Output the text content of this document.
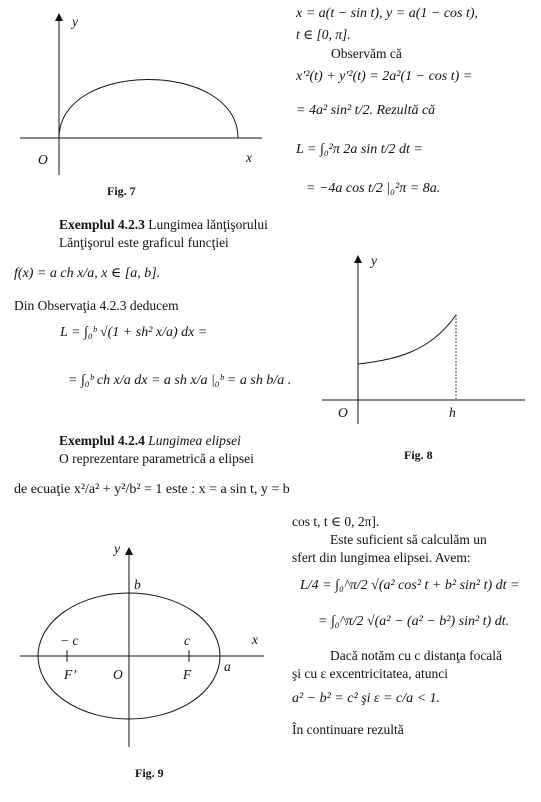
y
x
O
Fig. 7
y
O	h
Fig. 8
y
x
b
− c	c
O
F’	F
a
Fig. 9
x = a(t − sin t), y = a(1 − cos t),
t ∈ [0, π].
Observăm că
x′²(t) + y′²(t) = 2a²(1 − cos t) =
= 4a² sin² t/2. Rezultă că
L = ∫₀²π 2a sin t/2 dt =
= −4a cos t/2 |₀²π = 8a.
Exemplul 4.2.3 Lungimea lănţişorului
Lănţişorul este graficul funcţiei
f(x) = a ch x/a, x ∈ [a, b].
Din Observaţia 4.2.3 deducem
L = ∫₀ᵇ √(1 + sh² x/a) dx =
= ∫₀ᵇ ch x/a dx = a sh x/a |₀ᵇ = a sh b/a .
Exemplul 4.2.4 Lungimea elipsei
O reprezentare parametrică a elipsei
de ecuaţie x²/a² + y²/b² = 1 este : x = a sin t, y = b
cos t, t ∈ 0, 2π].
Este suficient să calculăm un
sfert din lungimea elipsei. Avem:
L/4 = ∫₀^π/2 √(a² cos² t + b² sin² t) dt =
= ∫₀^π/2 √(a² − (a² − b²) sin² t) dt.
Dacă notăm cu c distanţa focală
şi cu ε excentricitatea, atunci
a² − b² = c² şi ε = c/a < 1.
În continuare rezultă
